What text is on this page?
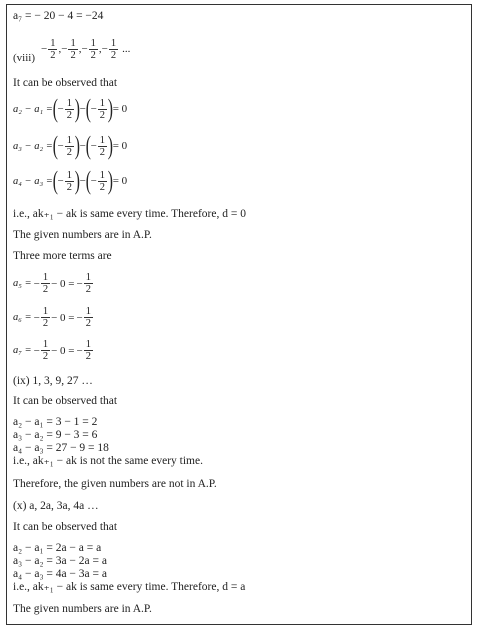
a₇ = − 20 − 4 = −24
(viii)
− $\frac{1}{2}$ , − $\frac{1}{2}$ , − $\frac{1}{2}$ , − $\frac{1}{2}$ ...
It can be observed that
a₂ − a₁ = ( − $\frac{1}{2}$ ) − ( − $\frac{1}{2}$ ) = 0
a₃ − a₂ = ( − $\frac{1}{2}$ ) − ( − $\frac{1}{2}$ ) = 0
a₄ − a₃ = ( − $\frac{1}{2}$ ) − ( − $\frac{1}{2}$ ) = 0
i.e., ak₊₁ − ak is same every time. Therefore, d = 0
The given numbers are in A.P.
Three more terms are
a₅ = − $\frac{1}{2} - 0$ = − $\frac{1}{2}$
a₆ = − $\frac{1}{2} - 0$ = − $\frac{1}{2}$
a₇ = − $\frac{1}{2} - 0$ = − $\frac{1}{2}$
(ix) 1, 3, 9, 27 …
It can be observed that
a₂ − a₁ = 3 − 1 = 2
a₃ − a₂ = 9 − 3 = 6
a₄ − a₃ = 27 − 9 = 18
i.e., ak₊₁ − ak is not the same every time.
Therefore, the given numbers are not in A.P.
(x) a, 2a, 3a, 4a …
It can be observed that
a₂ − a₁ = 2a − a = a
a₃ − a₂ = 3a − 2a = a
a₄ − a₃ = 4a − 3a = a
i.e., ak₊₁ − ak is same every time. Therefore, d = a
The given numbers are in A.P.
